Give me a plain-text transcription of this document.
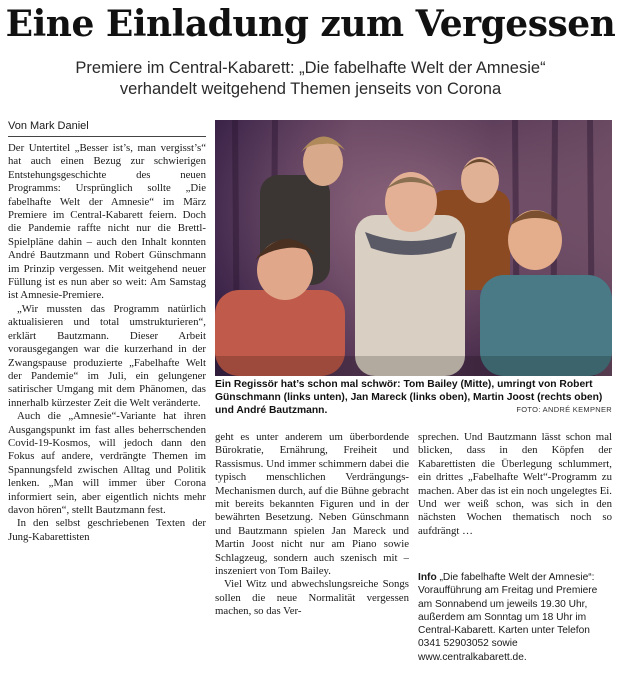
Eine Einladung zum Vergessen
Premiere im Central-Kabarett: „Die fabelhafte Welt der Amnesie“
verhandelt weitgehend Themen jenseits von Corona
Von Mark Daniel

Der Untertitel „Besser ist’s, man vergisst’s“ hat auch einen Bezug zur schwierigen Entstehungsgeschichte des neuen Programms: Ursprünglich sollte „Die fabelhafte Welt der Amnesie“ im März Premiere im Central-Kabarett feiern. Doch die Pandemie raffte nicht nur die Brettl-Spielpläne dahin – auch den Inhalt konnten André Bautzmann und Robert Günschmann im Prinzip vergessen. Mit weitgehend neuer Füllung ist es nun aber so weit: Am Samstag ist Amnesie-Premiere.

„Wir mussten das Programm natürlich aktualisieren und total umstrukturieren“, erklärt Bautzmann. Dieser Arbeit vorausgegangen war die kurzerhand in der Zwangspause produzierte „Fabelhafte Welt der Pandemie“ im Juli, ein gelungener satirischer Umgang mit dem Phänomen, das innerhalb kürzester Zeit die Welt veränderte.

Auch die „Amnesie“-Variante hat ihren Ausgangspunkt im fast alles beherrschenden Covid-19-Kosmos, will jedoch dann den Fokus auf andere, verdrängte Themen im Spannungsfeld zwischen Alltag und Politik lenken. „Man will immer über Corona informiert sein, aber eigentlich nichts mehr davon hören“, stellt Bautzmann fest.

In den selbst geschriebenen Texten der Jung-Kabarettisten

Ein Regissör hat’s schon mal schwör: Tom Bailey (Mitte), umringt von Robert Günschmann (links unten), Jan Mareck (links oben), Martin Joost (rechts oben) und André Bautzmann.	FOTO: ANDRÉ KEMPNER

geht es unter anderem um überbordende Bürokratie, Ernährung, Freiheit und Rassismus. Und immer schimmern dabei die typisch menschlichen Verdrängungs-Mechanismen durch, auf die Bühne gebracht mit bereits bekannten Figuren und in der bewährten Besetzung. Neben Günschmann und Bautzmann spielen Jan Mareck und Martin Joost nicht nur am Piano sowie Schlagzeug, sondern auch szenisch mit – inszeniert von Tom Bailey.

Viel Witz und abwechslungsreiche Songs sollen die neue Normalität vergessen machen, so das Ver-

sprechen. Und Bautzmann lässt schon mal blicken, dass in den Köpfen der Kabarettisten die Überlegung schlummert, ein drittes „Fabelhafte Welt“-Programm zu machen. Aber das ist ein noch ungelegtes Ei. Und wer weiß schon, was sich in den nächsten Wochen thematisch noch so aufdrängt …

Info „Die fabelhafte Welt der Amnesie“: Voraufführung am Freitag und Premiere am Sonnabend um jeweils 19.30 Uhr, außerdem am Sonntag um 18 Uhr im Central-Kabarett. Karten unter Telefon 0341 52903052 sowie www.centralkabarett.de.
